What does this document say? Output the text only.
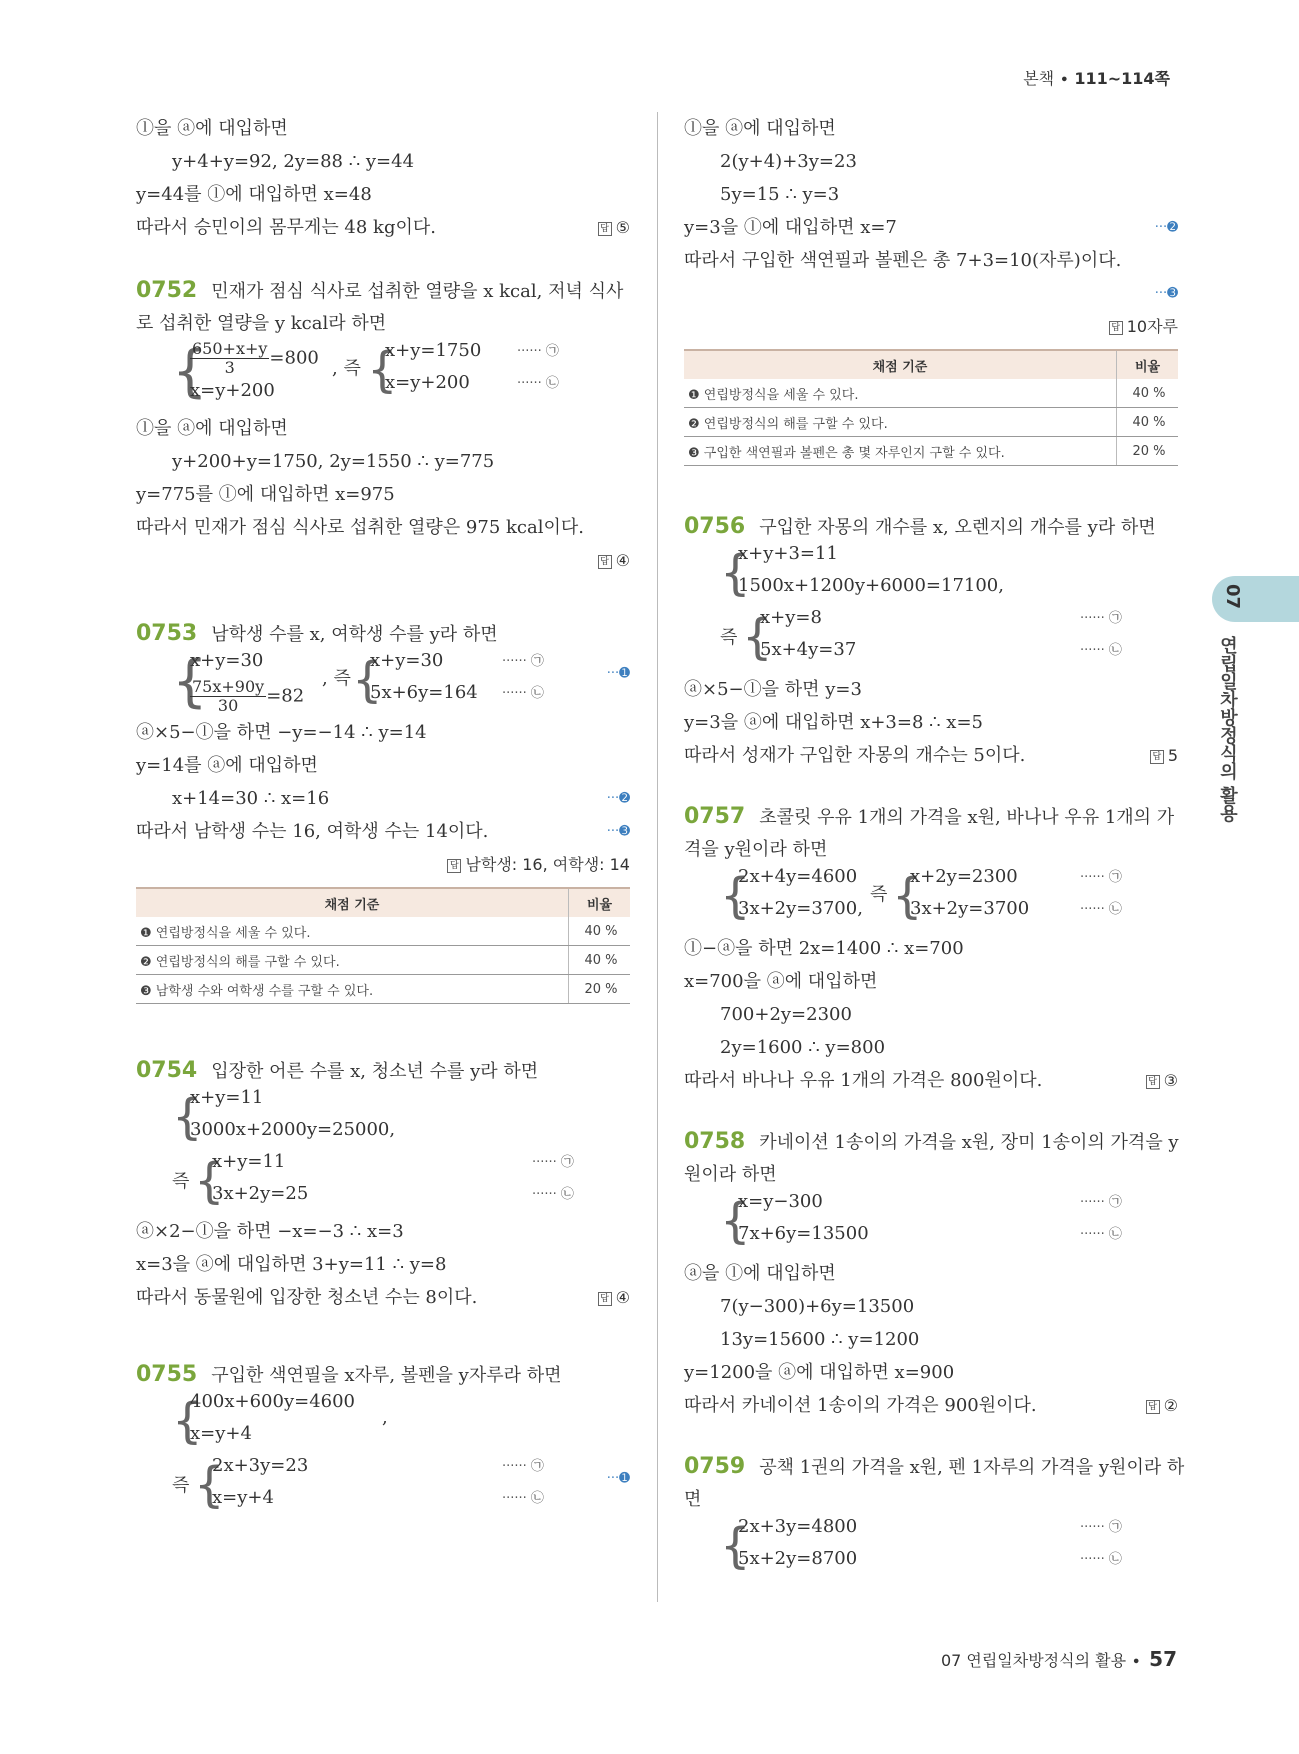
본책 ∙ 111~114쪽
ⓛ을 ⓐ에 대입하면
y+4+y=92, 2y=88 ∴ y=44
y=44를 ⓛ에 대입하면 x=48
따라서 승민이의 몸무게는 48 kg이다.	답 ⑤
0752 민재가 점심 식사로 섭취한 열량을 x kcal, 저녁 식사
로 섭취한 열량을 y kcal라 하면
{
$\frac{650+x+y}{3} =800$
x=y+200
, 즉 {
x+y=1750
x=y+200
······ ㉠
······ ㉡
ⓛ을 ⓐ에 대입하면
y+200+y=1750, 2y=1550 ∴ y=775
y=775를 ⓛ에 대입하면 x=975
따라서 민재가 점심 식사로 섭취한 열량은 975 kcal이다.
답 ④
0753 남학생 수를 x, 여학생 수를 y라 하면
{
x+y=30
$\frac{75x+90y}{30} =82$
, 즉 {
x+y=30
5x+6y=164
······ ㉠
······ ㉡
···➊
ⓐ×5−ⓛ을 하면 −y=−14 ∴ y=14
y=14를 ⓐ에 대입하면
x+14=30 ∴ x=16	···➋
따라서 남학생 수는 16, 여학생 수는 14이다.	···➌
답 남학생: 16, 여학생: 14
채점 기준	비율
❶ 연립방정식을 세울 수 있다.	40 %
❷ 연립방정식의 해를 구할 수 있다.	40 %
❸ 남학생 수와 여학생 수를 구할 수 있다.	20 %
0754 입장한 어른 수를 x, 청소년 수를 y라 하면
{
x+y=11
3000x+2000y=25000,
즉 {
x+y=11
3x+2y=25
······ ㉠
······ ㉡
ⓐ×2−ⓛ을 하면 −x=−3 ∴ x=3
x=3을 ⓐ에 대입하면 3+y=11 ∴ y=8
따라서 동물원에 입장한 청소년 수는 8이다.	답 ④
0755 구입한 색연필을 x자루, 볼펜을 y자루라 하면
{
400x+600y=4600
x=y+4
,
즉 {
2x+3y=23
x=y+4
······ ㉠
······ ㉡
···➊
ⓛ을 ⓐ에 대입하면
2(y+4)+3y=23
5y=15 ∴ y=3
y=3을 ⓛ에 대입하면 x=7	···➋
따라서 구입한 색연필과 볼펜은 총 7+3=10(자루)이다.
···➌
답 10자루
채점 기준	비율
❶ 연립방정식을 세울 수 있다.	40 %
❷ 연립방정식의 해를 구할 수 있다.	40 %
❸ 구입한 색연필과 볼펜은 총 몇 자루인지 구할 수 있다.	20 %
0756 구입한 자몽의 개수를 x, 오렌지의 개수를 y라 하면
{
x+y+3=11
1500x+1200y+6000=17100,
즉 {
x+y=8
5x+4y=37
······ ㉠
······ ㉡
ⓐ×5−ⓛ을 하면 y=3
y=3을 ⓐ에 대입하면 x+3=8 ∴ x=5
따라서 성재가 구입한 자몽의 개수는 5이다.	답 5
0757 초콜릿 우유 1개의 가격을 x원, 바나나 우유 1개의 가
격을 y원이라 하면
{
2x+4y=4600
3x+2y=3700,
즉 {
x+2y=2300
3x+2y=3700
······ ㉠
······ ㉡
ⓛ−ⓐ을 하면 2x=1400 ∴ x=700
x=700을 ⓐ에 대입하면
700+2y=2300
2y=1600 ∴ y=800
따라서 바나나 우유 1개의 가격은 800원이다.	답 ③
0758 카네이션 1송이의 가격을 x원, 장미 1송이의 가격을 y
원이라 하면
{
x=y−300
7x+6y=13500
······ ㉠
······ ㉡
ⓐ을 ⓛ에 대입하면
7(y−300)+6y=13500
13y=15600 ∴ y=1200
y=1200을 ⓐ에 대입하면 x=900
따라서 카네이션 1송이의 가격은 900원이다.	답 ②
0759 공책 1권의 가격을 x원, 펜 1자루의 가격을 y원이라 하
면
{
2x+3y=4800
5x+2y=8700
······ ㉠
······ ㉡
07
연립일차방정식의 활용
07 연립일차방정식의 활용 ∙ 57
